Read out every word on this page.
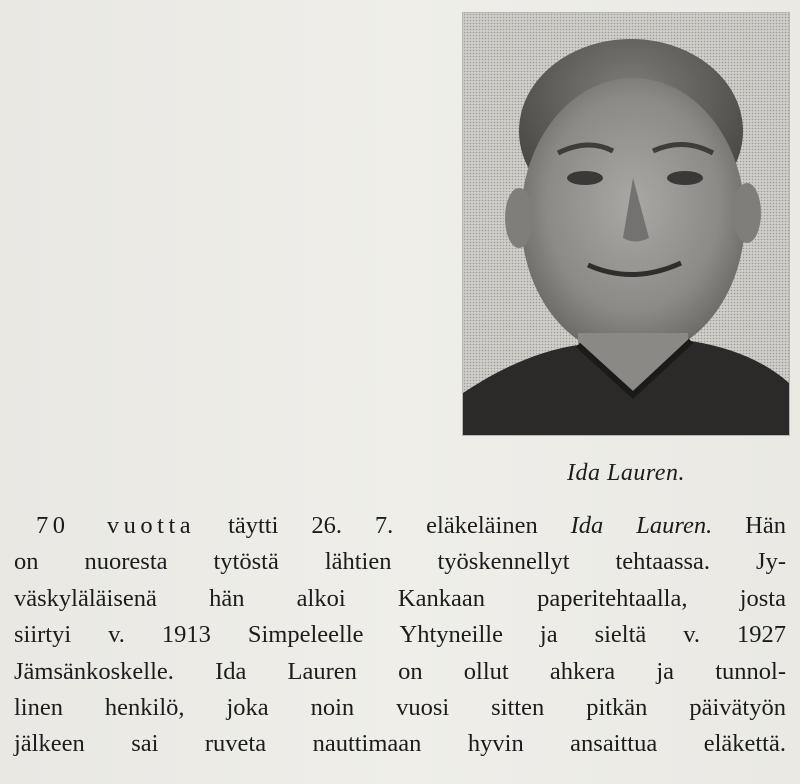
Ida Lauren.
70 vuotta täytti 26. 7. eläkeläinen Ida Lauren. Hän
on nuoresta tytöstä lähtien työskennellyt tehtaassa. Jy-
väskyläläisenä hän alkoi Kankaan paperitehtaalla, josta
siirtyi v. 1913 Simpeleelle Yhtyneille ja sieltä v. 1927
Jämsänkoskelle. Ida Lauren on ollut ahkera ja tunnol-
linen henkilö, joka noin vuosi sitten pitkän päivätyön
jälkeen sai ruveta nauttimaan hyvin ansaittua eläkettä.
